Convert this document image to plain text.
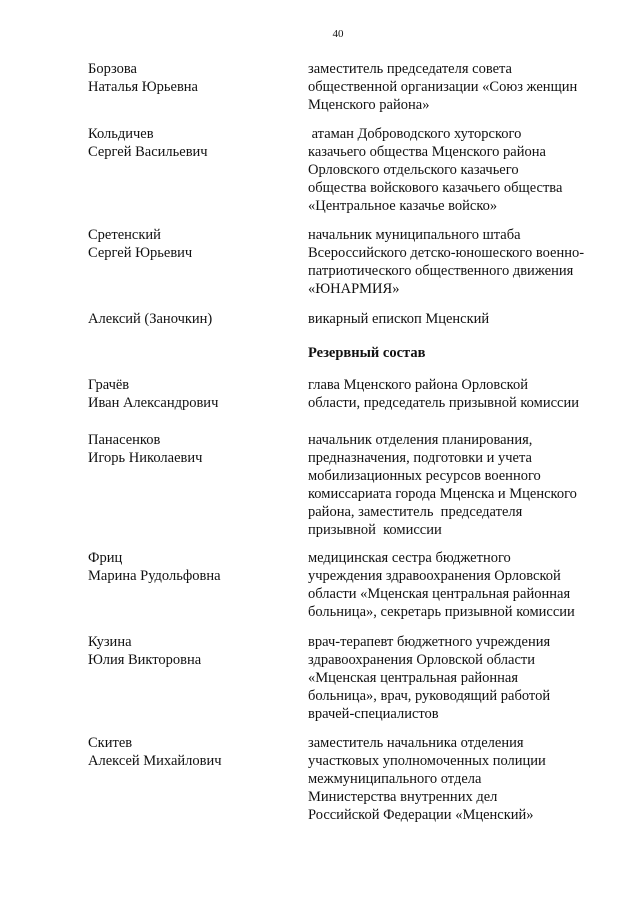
40
Борзова
Наталья Юрьевна
заместитель председателя совета
общественной организации «Союз женщин
Мценского района»
Кольдичев
Сергей Васильевич
атаман Доброводского хуторского
казачьего общества Мценского района
Орловского отдельского казачьего
общества войскового казачьего общества
«Центральное казачье войско»
Сретенский
Сергей Юрьевич
начальник муниципального штаба
Всероссийского детско-юношеского военно-
патриотического общественного движения
«ЮНАРМИЯ»
Алексий (Заночкин)	викарный епископ Мценский
Резервный состав
Грачёв
Иван Александрович
глава Мценского района Орловской
области, председатель призывной комиссии
Панасенков
Игорь Николаевич
начальник отделения планирования,
предназначения, подготовки и учета
мобилизационных ресурсов военного
комиссариата города Мценска и Мценского
района, заместитель  председателя
призывной  комиссии
Фриц
Марина Рудольфовна
медицинская сестра бюджетного
учреждения здравоохранения Орловской
области «Мценская центральная районная
больница», секретарь призывной комиссии
Кузина
Юлия Викторовна
врач-терапевт бюджетного учреждения
здравоохранения Орловской области
«Мценская центральная районная
больница», врач, руководящий работой
врачей-специалистов
Скитев
Алексей Михайлович
заместитель начальника отделения
участковых уполномоченных полиции
межмуниципального отдела
Министерства внутренних дел
Российской Федерации «Мценский»
